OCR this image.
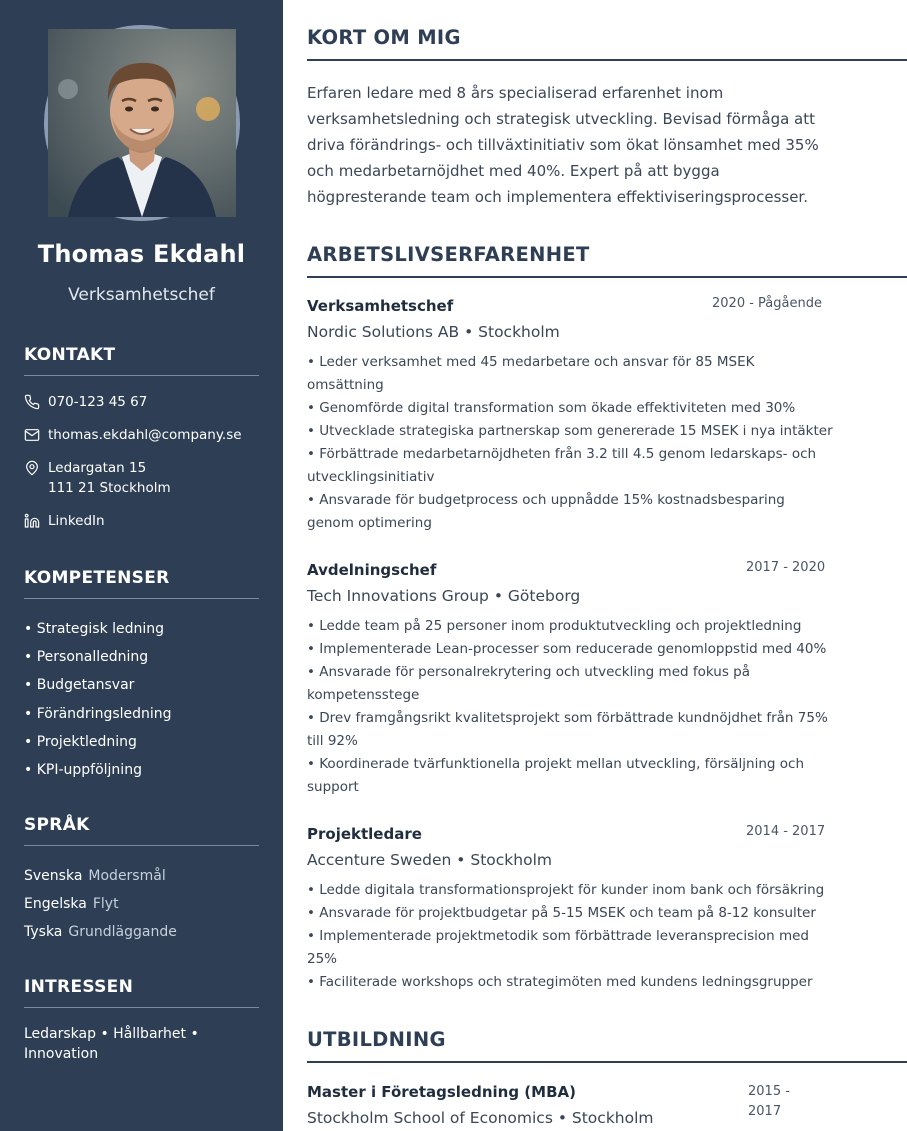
Thomas Ekdahl
Verksamhetschef
KONTAKT
070-123 45 67
thomas.ekdahl@company.se
Ledargatan 15
111 21 Stockholm
LinkedIn
KOMPETENSER
• Strategisk ledning
• Personalledning
• Budgetansvar
• Förändringsledning
• Projektledning
• KPI-uppföljning
SPRÅK
Svenska Modersmål
Engelska Flyt
Tyska Grundläggande
INTRESSEN
Ledarskap • Hållbarhet •
Innovation
KORT OM MIG
Erfaren ledare med 8 års specialiserad erfarenhet inom
verksamhetsledning och strategisk utveckling. Bevisad förmåga att
driva förändrings- och tillväxtinitiativ som ökat lönsamhet med 35%
och medarbetarnöjdhet med 40%. Expert på att bygga
högpresterande team och implementera effektiviseringsprocesser.
ARBETSLIVSERFARENHET
Verksamhetschef	2020 - Pågående
Nordic Solutions AB • Stockholm
• Leder verksamhet med 45 medarbetare och ansvar för 85 MSEK
omsättning
• Genomförde digital transformation som ökade effektiviteten med 30%
• Utvecklade strategiska partnerskap som genererade 15 MSEK i nya intäkter
• Förbättrade medarbetarnöjdheten från 3.2 till 4.5 genom ledarskaps- och
utvecklingsinitiativ
• Ansvarade för budgetprocess och uppnådde 15% kostnadsbesparing
genom optimering
Avdelningschef	2017 - 2020
Tech Innovations Group • Göteborg
• Ledde team på 25 personer inom produktutveckling och projektledning
• Implementerade Lean-processer som reducerade genomloppstid med 40%
• Ansvarade för personalrekrytering och utveckling med fokus på
kompetensstege
• Drev framgångsrikt kvalitetsprojekt som förbättrade kundnöjdhet från 75%
till 92%
• Koordinerade tvärfunktionella projekt mellan utveckling, försäljning och
support
Projektledare	2014 - 2017
Accenture Sweden • Stockholm
• Ledde digitala transformationsprojekt för kunder inom bank och försäkring
• Ansvarade för projektbudgetar på 5-15 MSEK och team på 8-12 konsulter
• Implementerade projektmetodik som förbättrade leveransprecision med
25%
• Faciliterade workshops och strategimöten med kundens ledningsgrupper
UTBILDNING
Master i Företagsledning (MBA)	2015 -
2017
Stockholm School of Economics • Stockholm
